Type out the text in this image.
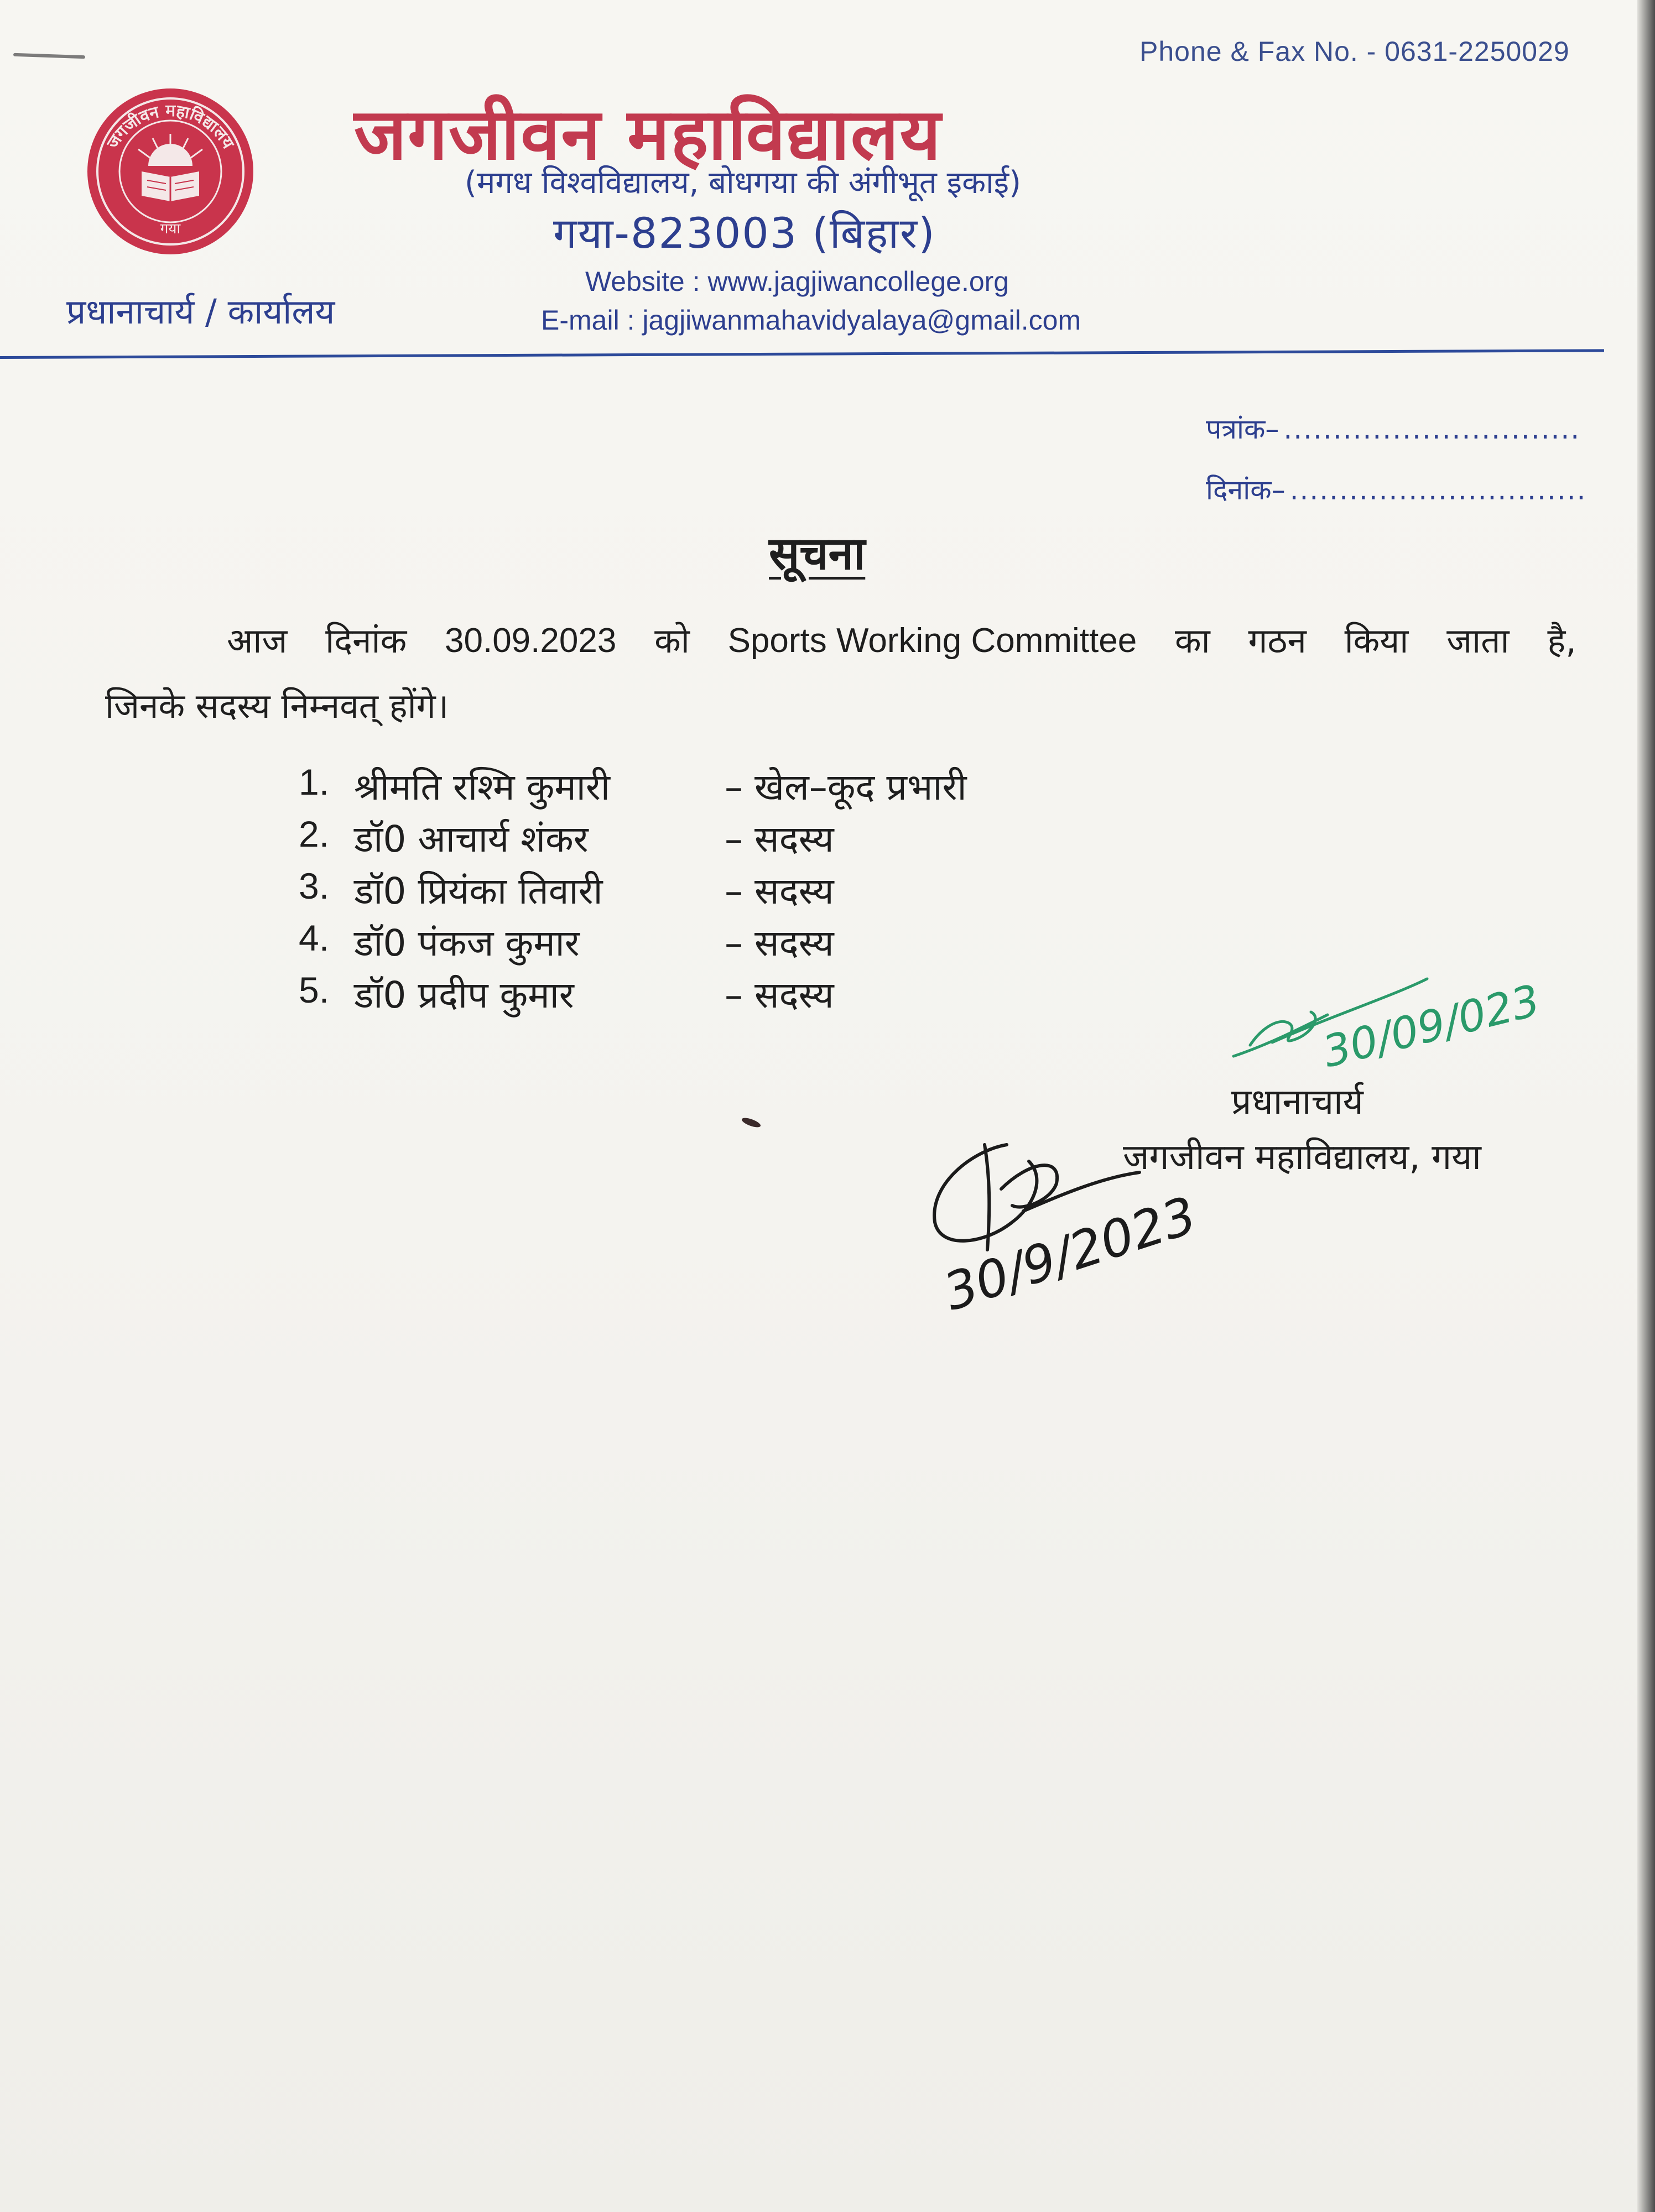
जगजीवन महाविद्यालय
गया
Phone & Fax No. - 0631-2250029
जगजीवन महाविद्यालय
(मगध विश्वविद्यालय, बोधगया की अंगीभूत इकाई)
गया-823003 (बिहार)
Website : www.jagjiwancollege.org
E-mail : jagjiwanmahavidyalaya@gmail.com
प्रधानाचार्य / कार्यालय
पत्रांक– ..............................
दिनांक– ..............................
सूचना
आज दिनांक 30.09.2023 को Sports Working Committee का गठन किया जाता है,
जिनके सदस्य निम्नवत् होंगे।
1. श्रीमति रश्मि कुमारी	– खेल–कूद प्रभारी
2. डॉ0 आचार्य शंकर	– सदस्य
3. डॉ0 प्रियंका तिवारी	– सदस्य
4. डॉ0 पंकज कुमार	– सदस्य
5. डॉ0 प्रदीप कुमार	– सदस्य	30/09/023
प्रधानाचार्य
जगजीवन महाविद्यालय, गया
30/9/2023
